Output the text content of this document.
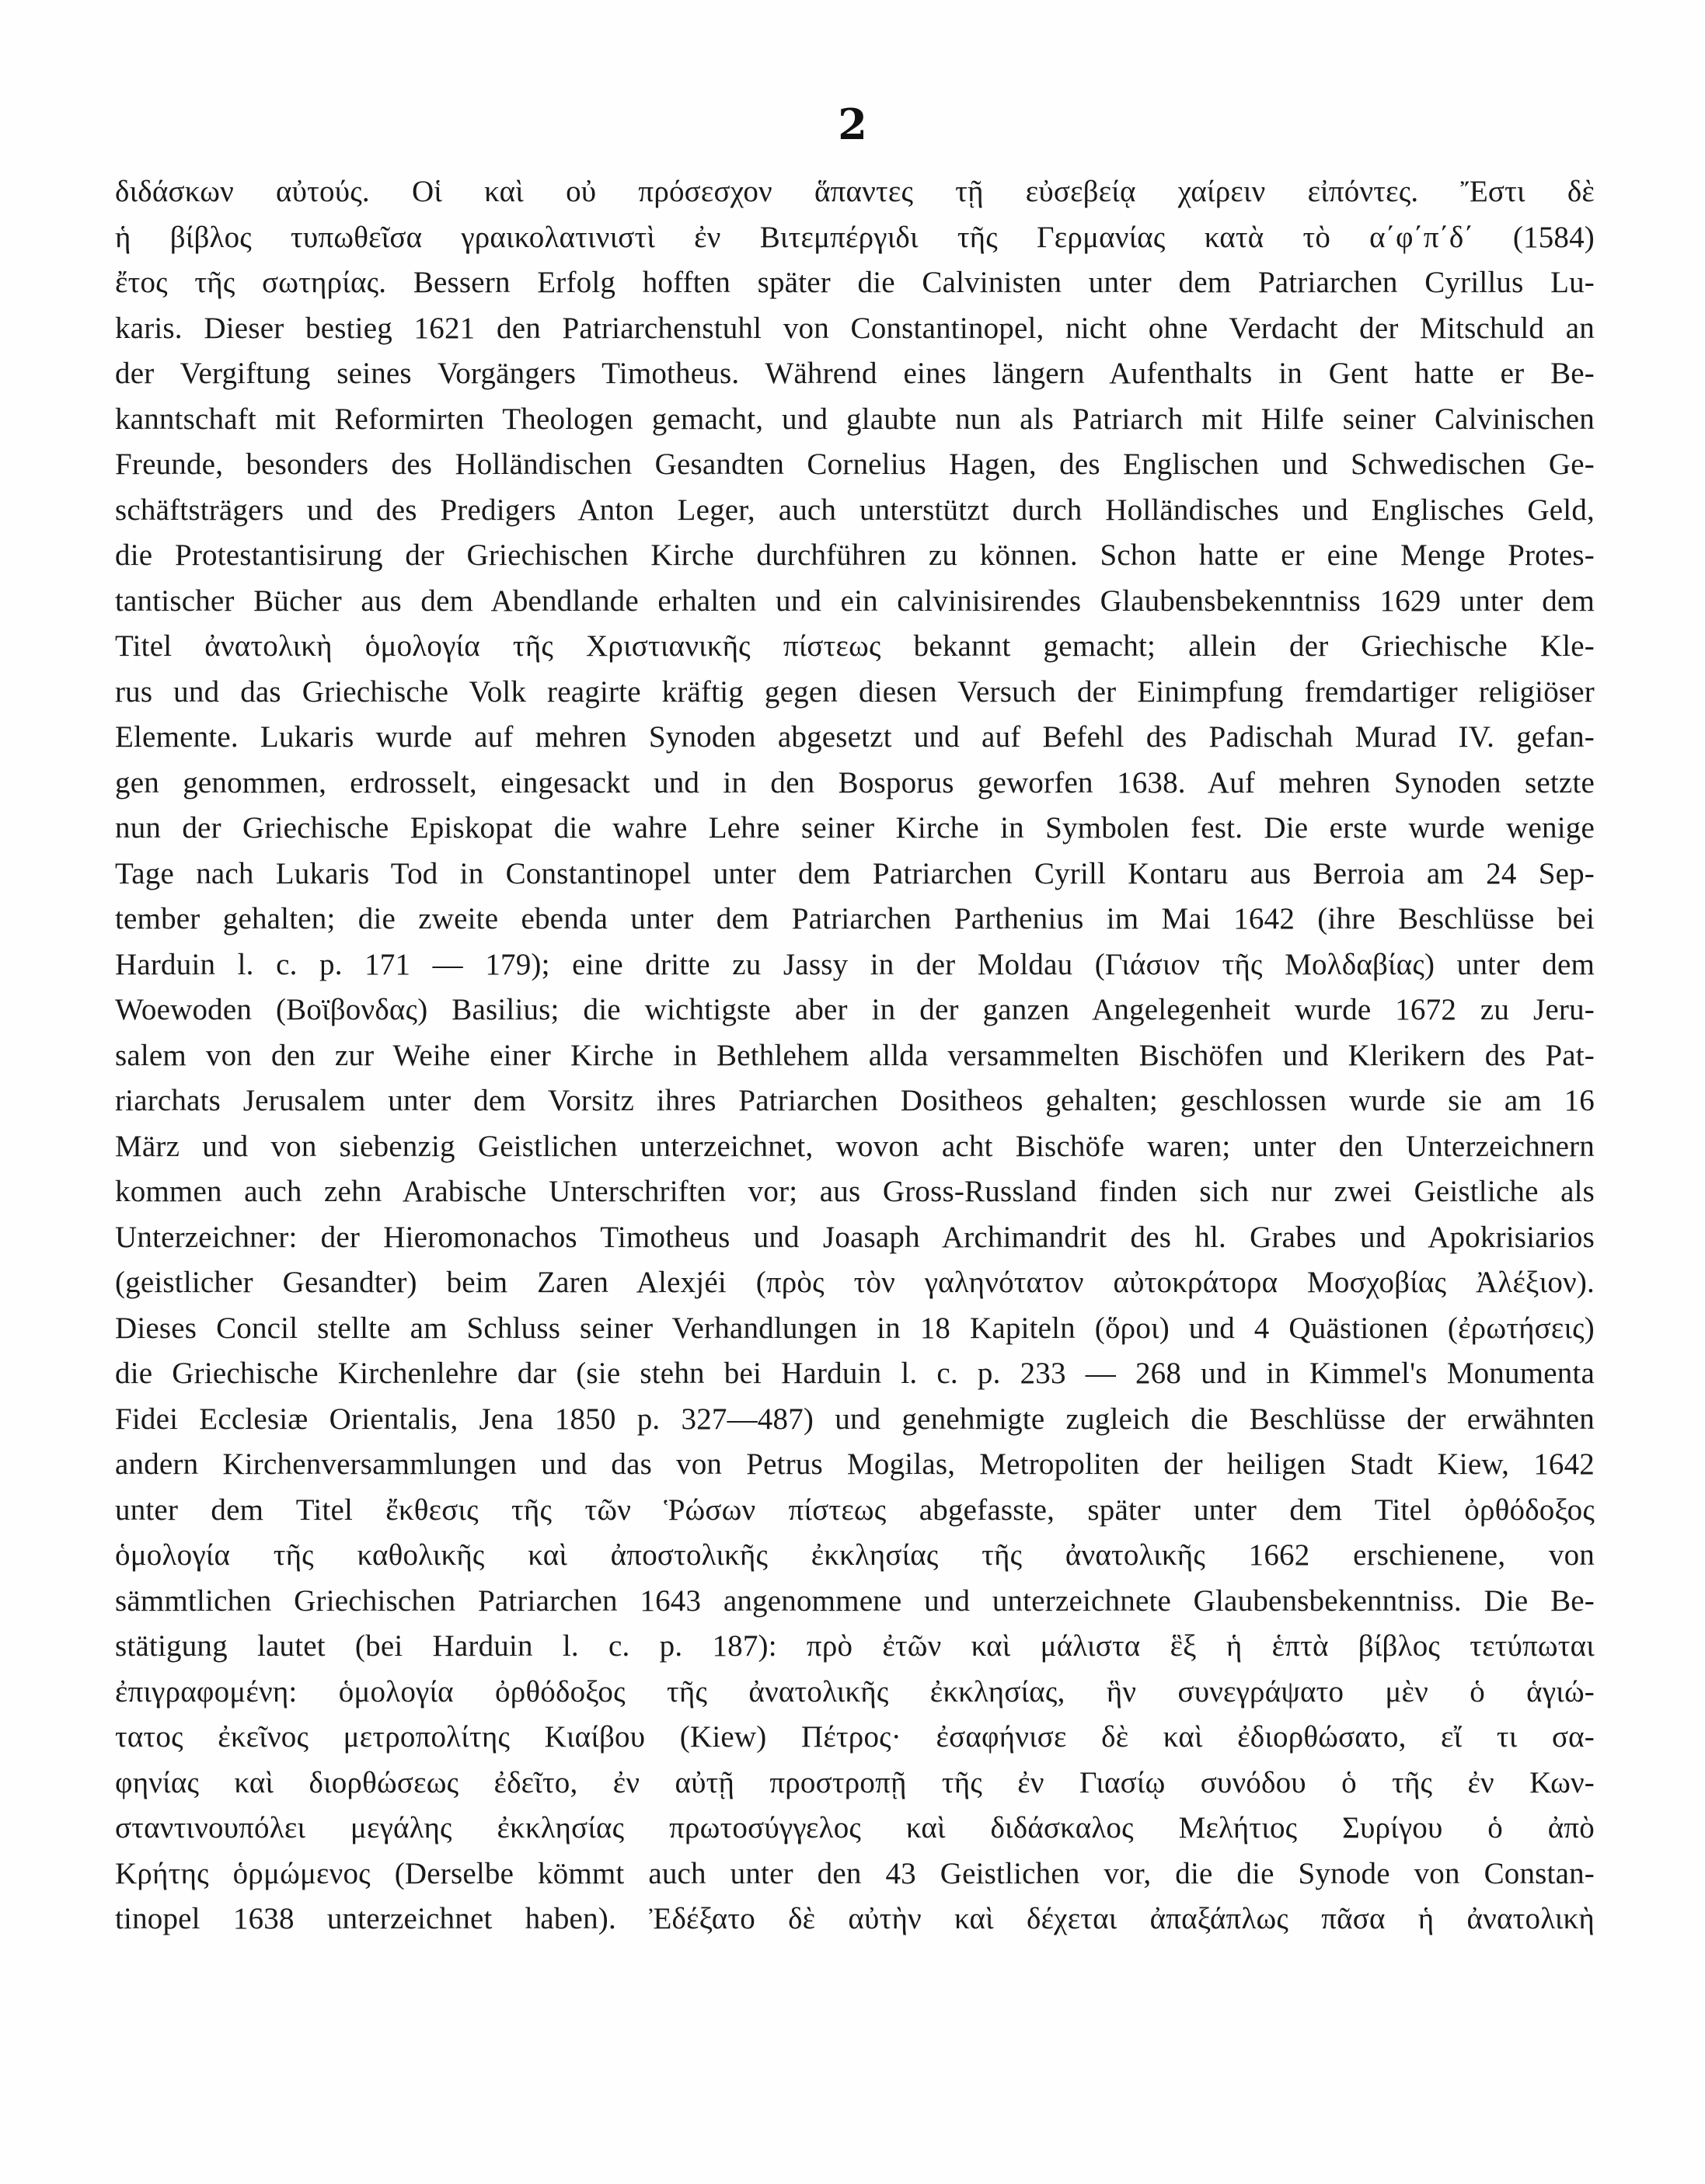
2
διδάσκων αὐτούς. Οἱ καὶ οὐ πρόσεσχον ἅπαντες τῇ εὐσεβείᾳ χαίρειν εἰπόντες. Ἔστι δὲ
ἡ βίβλος τυπωθεῖσα γραικολατινιστὶ ἐν Βιτεμπέργιδι τῆς Γερμανίας κατὰ τὸ α΄φ΄π΄δ΄ (1584)
ἔτος τῆς σωτηρίας. Bessern Erfolg hofften später die Calvinisten unter dem Patriarchen Cyrillus Lu-
karis. Dieser bestieg 1621 den Patriarchenstuhl von Constantinopel, nicht ohne Verdacht der Mitschuld an
der Vergiftung seines Vorgängers Timotheus. Während eines längern Aufenthalts in Gent hatte er Be-
kanntschaft mit Reformirten Theologen gemacht, und glaubte nun als Patriarch mit Hilfe seiner Calvinischen
Freunde, besonders des Holländischen Gesandten Cornelius Hagen, des Englischen und Schwedischen Ge-
schäftsträgers und des Predigers Anton Leger, auch unterstützt durch Holländisches und Englisches Geld,
die Protestantisirung der Griechischen Kirche durchführen zu können. Schon hatte er eine Menge Protes-
tantischer Bücher aus dem Abendlande erhalten und ein calvinisirendes Glaubensbekenntniss 1629 unter dem
Titel ἀνατολικὴ ὁμολογία τῆς Χριστιανικῆς πίστεως bekannt gemacht; allein der Griechische Kle-
rus und das Griechische Volk reagirte kräftig gegen diesen Versuch der Einimpfung fremdartiger religiöser
Elemente. Lukaris wurde auf mehren Synoden abgesetzt und auf Befehl des Padischah Murad IV. gefan-
gen genommen, erdrosselt, eingesackt und in den Bosporus geworfen 1638. Auf mehren Synoden setzte
nun der Griechische Episkopat die wahre Lehre seiner Kirche in Symbolen fest. Die erste wurde wenige
Tage nach Lukaris Tod in Constantinopel unter dem Patriarchen Cyrill Kontaru aus Berroia am 24 Sep-
tember gehalten; die zweite ebenda unter dem Patriarchen Parthenius im Mai 1642 (ihre Beschlüsse bei
Harduin l. c. p. 171 — 179); eine dritte zu Jassy in der Moldau (Γιάσιον τῆς Μολδαβίας) unter dem
Woewoden (Βοϊβονδας) Basilius; die wichtigste aber in der ganzen Angelegenheit wurde 1672 zu Jeru-
salem von den zur Weihe einer Kirche in Bethlehem allda versammelten Bischöfen und Klerikern des Pat-
riarchats Jerusalem unter dem Vorsitz ihres Patriarchen Dositheos gehalten; geschlossen wurde sie am 16
März und von siebenzig Geistlichen unterzeichnet, wovon acht Bischöfe waren; unter den Unterzeichnern
kommen auch zehn Arabische Unterschriften vor; aus Gross-Russland finden sich nur zwei Geistliche als
Unterzeichner: der Hieromonachos Timotheus und Joasaph Archimandrit des hl. Grabes und Apokrisiarios
(geistlicher Gesandter) beim Zaren Alexjéi (πρὸς τὸν γαληνότατον αὐτοκράτορα Μοσχοβίας Ἀλέξιον).
Dieses Concil stellte am Schluss seiner Verhandlungen in 18 Kapiteln (ὅροι) und 4 Quästionen (ἐρωτήσεις)
die Griechische Kirchenlehre dar (sie stehn bei Harduin l. c. p. 233 — 268 und in Kimmel's Monumenta
Fidei Ecclesiæ Orientalis, Jena 1850 p. 327—487) und genehmigte zugleich die Beschlüsse der erwähnten
andern Kirchenversammlungen und das von Petrus Mogilas, Metropoliten der heiligen Stadt Kiew, 1642
unter dem Titel ἔκθεσις τῆς τῶν Ῥώσων πίστεως abgefasste, später unter dem Titel ὀρθόδοξος
ὁμολογία τῆς καθολικῆς καὶ ἀποστολικῆς ἐκκλησίας τῆς ἀνατολικῆς 1662 erschienene, von
sämmtlichen Griechischen Patriarchen 1643 angenommene und unterzeichnete Glaubensbekenntniss. Die Be-
stätigung lautet (bei Harduin l. c. p. 187): πρὸ ἐτῶν καὶ μάλιστα ἓξ ἡ ἑπτὰ βίβλος τετύπωται
ἐπιγραφομένη: ὁμολογία ὀρθόδοξος τῆς ἀνατολικῆς ἐκκλησίας, ἣν συνεγράψατο μὲν ὁ ἁγιώ-
τατος ἐκεῖνος μετροπολίτης Κιαίβου (Kiew) Πέτρος· ἐσαφήνισε δὲ καὶ ἐδιορθώσατο, εἴ τι σα-
φηνίας καὶ διορθώσεως ἐδεῖτο, ἐν αὐτῇ προστροπῇ τῆς ἐν Γιασίῳ συνόδου ὁ τῆς ἐν Κων-
σταντινουπόλει μεγάλης ἐκκλησίας πρωτοσύγγελος καὶ διδάσκαλος Μελήτιος Συρίγου ὁ ἀπὸ
Κρήτης ὁρμώμενος (Derselbe kömmt auch unter den 43 Geistlichen vor, die die Synode von Constan-
tinopel 1638 unterzeichnet haben). Ἐδέξατο δὲ αὐτὴν καὶ δέχεται ἀπαξάπλως πᾶσα ἡ ἀνατολικὴ
